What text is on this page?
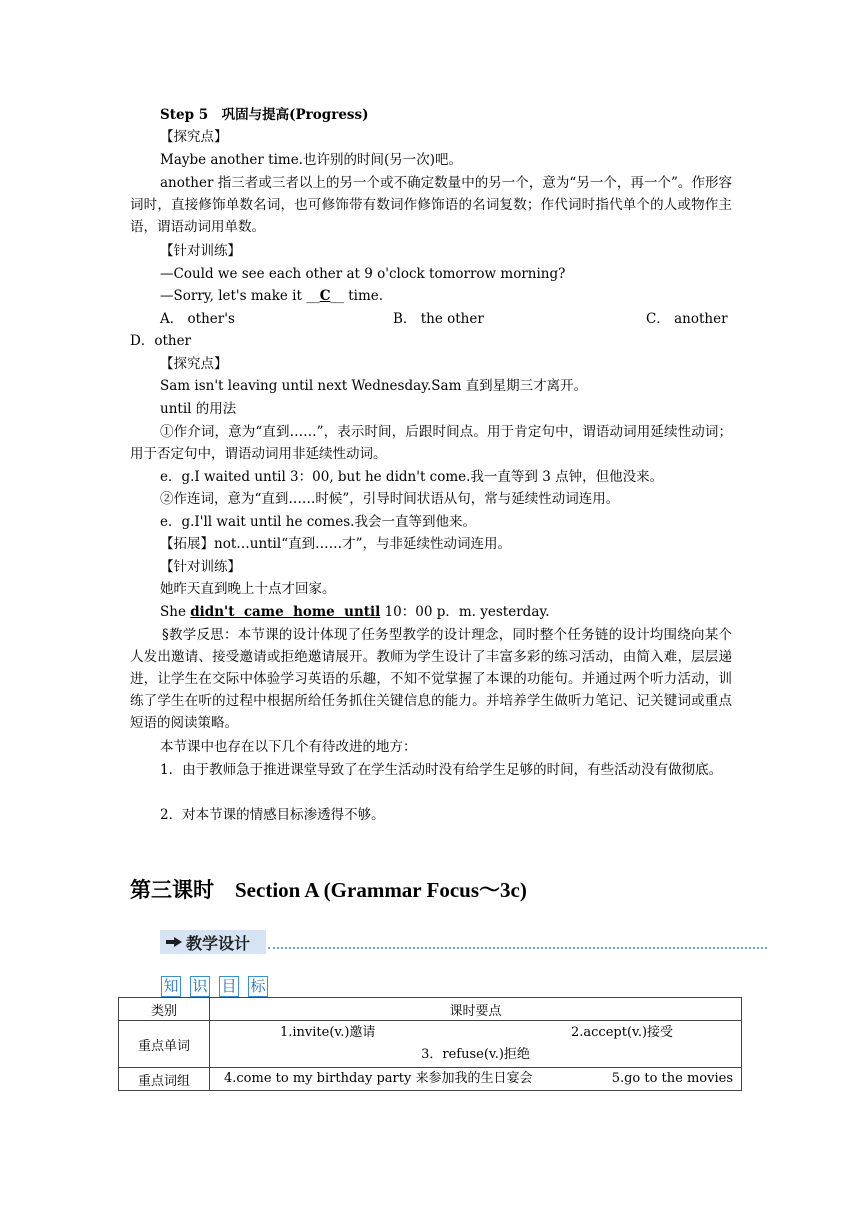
Step 5　巩固与提高(Progress)
【探究点】
Maybe another time.也许别的时间(另一次)吧。
another 指三者或三者以上的另一个或不确定数量中的另一个，意为“另一个，再一个”。作形容词时，直接修饰单数名词，也可修饰带有数词作修饰语的名词复数；作代词时指代单个的人或物作主语，谓语动词用单数。
【针对训练】
—Could we see each other at 9 o'clock tomorrow morning?
—Sorry, let's make it __C__ time.
A． other's	B． the other	C． another
D．other
【探究点】
Sam isn't leaving until next Wednesday.Sam 直到星期三才离开。
until 的用法
①作介词，意为“直到……”，表示时间，后跟时间点。用于肯定句中，谓语动词用延续性动词；用于否定句中，谓语动词用非延续性动词。
e．g.I waited until 3：00, but he didn't come.我一直等到 3 点钟，但他没来。
②作连词，意为“直到……时候”，引导时间状语从句，常与延续性动词连用。
e．g.I'll wait until he comes.我会一直等到他来。
【拓展】not…until“直到……才”，与非延续性动词连用。
【针对训练】
她昨天直到晚上十点才回家。
She didn't  came  home  until 10：00 p．m. yesterday.
§教学反思：本节课的设计体现了任务型教学的设计理念，同时整个任务链的设计均围绕向某个人发出邀请、接受邀请或拒绝邀请展开。教师为学生设计了丰富多彩的练习活动，由简入难，层层递进，让学生在交际中体验学习英语的乐趣，不知不觉掌握了本课的功能句。并通过两个听力活动，训练了学生在听的过程中根据所给任务抓住关键信息的能力。并培养学生做听力笔记、记关键词或重点短语的阅读策略。
本节课中也存在以下几个有待改进的地方：
1．由于教师急于推进课堂导致了在学生活动时没有给学生足够的时间，有些活动没有做彻底。
2．对本节课的情感目标渗透得不够。
第三课时　Section A (Grammar Focus～3c)
教学设计
知 识 目 标
类别	课时要点
重点单词	1.invite(v.)邀请 2.accept(v.)接受
3．refuse(v.)拒绝

重点词组	4.come to my birthday party 来参加我的生日宴会 5.go to the movies
